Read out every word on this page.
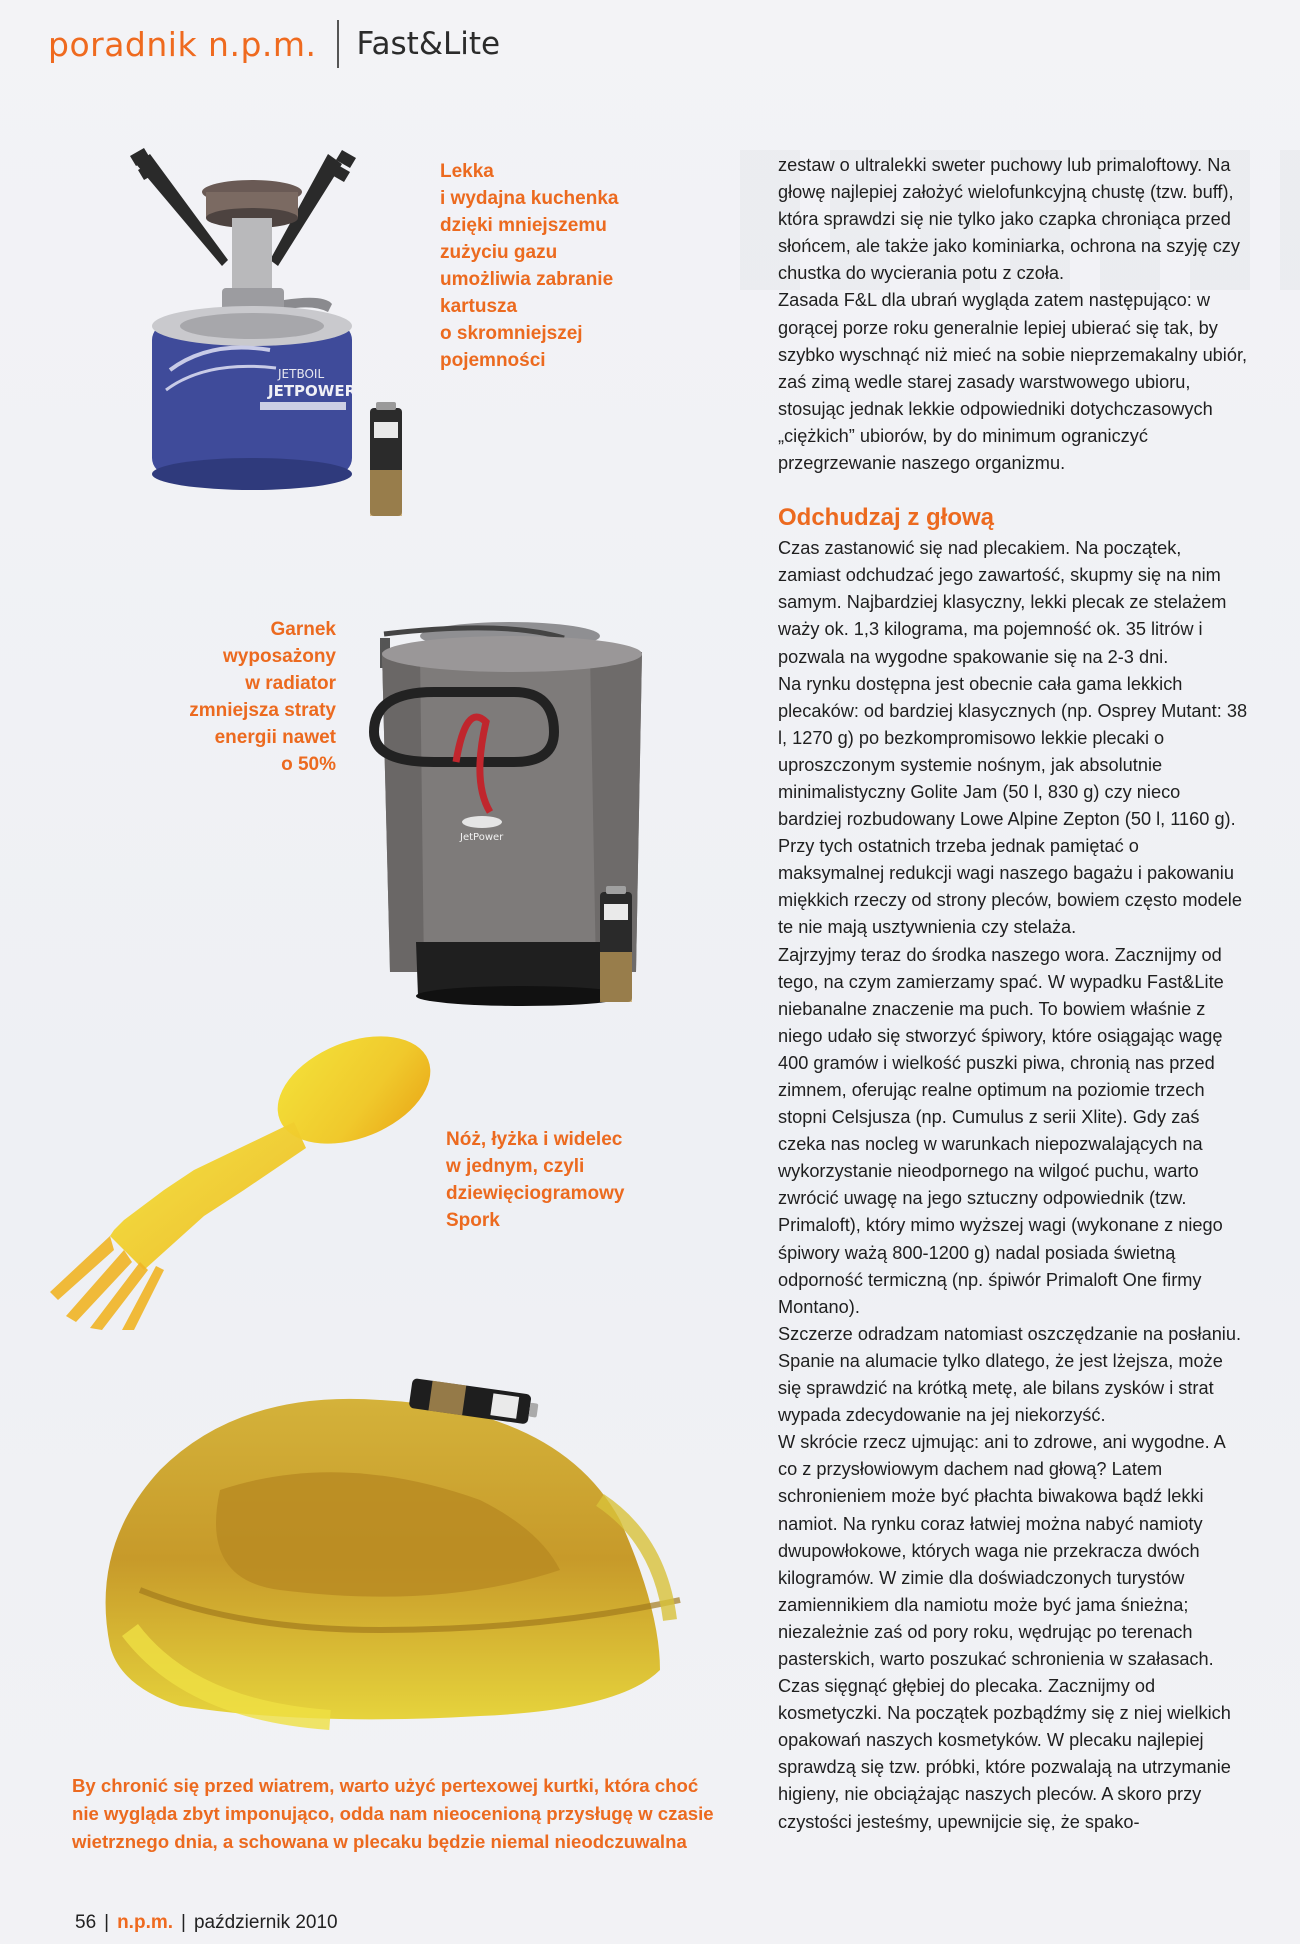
poradnik n.p.m. Fast&Lite
JETBOIL
JETPOWER
Lekka
i wydajna kuchenka
dzięki mniejszemu
zużyciu gazu
umożliwia zabranie
kartusza
o skromniejszej
pojemności
Garnek
wyposażony
w radiator
zmniejsza straty
energii nawet
o 50%
JetPower
Nóż, łyżka i widelec
w jednym, czyli
dziewięciogramowy
Spork
By chronić się przed wiatrem, warto użyć pertexowej kurtki, która choć
nie wygląda zbyt imponująco, odda nam nieocenioną przysługę w czasie
wietrznego dnia, a schowana w plecaku będzie niemal nieodczuwalna

zestaw o ultralekki sweter puchowy lub primaloftowy. Na głowę najlepiej założyć wielofunkcyjną chustę (tzw. buff), która sprawdzi się nie tylko jako czapka chroniąca przed słońcem, ale także jako kominiarka, ochrona na szyję czy chustka do wycierania potu z czoła.

Zasada F&L dla ubrań wygląda zatem następująco: w gorącej porze roku generalnie lepiej ubierać się tak, by szybko wyschnąć niż mieć na sobie nieprzemakalny ubiór, zaś zimą wedle starej zasady warstwowego ubioru, stosując jednak lekkie odpowiedniki dotychczasowych „ciężkich” ubiorów, by do minimum ograniczyć przegrzewanie naszego organizmu.

Odchudzaj z głową

Czas zastanowić się nad plecakiem. Na początek, zamiast odchudzać jego zawartość, skupmy się na nim samym. Najbardziej klasyczny, lekki plecak ze stelażem waży ok. 1,3 kilograma, ma pojemność ok. 35 litrów i pozwala na wygodne spakowanie się na 2-3 dni.

Na rynku dostępna jest obecnie cała gama lekkich plecaków: od bardziej klasycznych (np. Osprey Mutant: 38 l, 1270 g) po bezkompromisowo lekkie plecaki o uproszczonym systemie nośnym, jak absolutnie minimalistyczny Golite Jam (50 l, 830 g) czy nieco bardziej rozbudowany Lowe Alpine Zepton (50 l, 1160 g). Przy tych ostatnich trzeba jednak pamiętać o maksymalnej redukcji wagi naszego bagażu i pakowaniu miękkich rzeczy od strony pleców, bowiem często modele te nie mają usztywnienia czy stelaża.

Zajrzyjmy teraz do środka naszego wora. Zacznijmy od tego, na czym zamierzamy spać. W wypadku Fast&Lite niebanalne znaczenie ma puch. To bowiem właśnie z niego udało się stworzyć śpiwory, które osiągając wagę 400 gramów i wielkość puszki piwa, chronią nas przed zimnem, oferując realne optimum na poziomie trzech stopni Celsjusza (np. Cumulus z serii Xlite). Gdy zaś czeka nas nocleg w warunkach niepozwalających na wykorzystanie nieodpornego na wilgoć puchu, warto zwrócić uwagę na jego sztuczny odpowiednik (tzw. Primaloft), który mimo wyższej wagi (wykonane z niego śpiwory ważą 800-1200 g) nadal posiada świetną odporność termiczną (np. śpiwór Primaloft One firmy Montano).

Szczerze odradzam natomiast oszczędzanie na posłaniu. Spanie na alumacie tylko dlatego, że jest lżejsza, może się sprawdzić na krótką metę, ale bilans zysków i strat wypada zdecydowanie na jej niekorzyść.

W skrócie rzecz ujmując: ani to zdrowe, ani wygodne. A co z przysłowiowym dachem nad głową? Latem schronieniem może być płachta biwakowa bądź lekki namiot. Na rynku coraz łatwiej można nabyć namioty dwupowłokowe, których waga nie przekracza dwóch kilogramów. W zimie dla doświadczonych turystów zamiennikiem dla namiotu może być jama śnieżna; niezależnie zaś od pory roku, wędrując po terenach pasterskich, warto poszukać schronienia w szałasach.

Czas sięgnąć głębiej do plecaka. Zacznijmy od kosmetyczki. Na początek pozbądźmy się z niej wielkich opakowań naszych kosmetyków. W plecaku najlepiej sprawdzą się tzw. próbki, które pozwalają na utrzymanie higieny, nie obciążając naszych pleców. A skoro przy czystości jesteśmy, upewnijcie się, że spako-

56 | n.p.m. | październik 2010
